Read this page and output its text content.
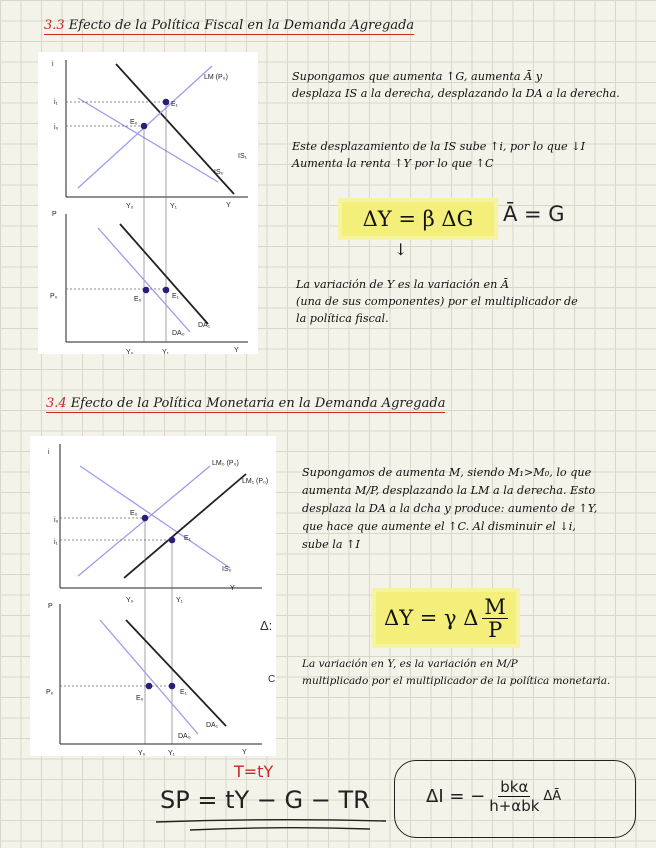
3.3 Efecto de la Política Fiscal en la Demanda Agregada
i
Y
LM (P₀)
IS₁
IS₀
i₁
i₀
Y₀	Y₁
E₁
E₀
P
Y
P₀	E₀	E₁
DA₀
DA₁
Y₀	Y₁

Supongamos que aumenta ↑G, aumenta Ā y

desplaza IS a la derecha, desplazando la DA a la derecha.

Este desplazamiento de la IS sube ↑i, por lo que ↓I

Aumenta la renta ↑Y por lo que ↑C

ΔY = β ΔG Ā = G
↓

La variación de Y es la variación en Ā

(una de sus componentes) por el multiplicador de

la política fiscal.

3.4 Efecto de la Política Monetaria en la Demanda Agregada
i
Y
IS₀
LM₀ (P₀)
LM₁ (P₀)
i₀
i₁
Y₀	Y₁
E₀
E₁
P
Y
P₀
E₀
E₁
DA₀
DA₁
Y₀	Y₁
Δ:
C

Supongamos de aumenta M, siendo M₁>M₀, lo que

aumenta M/P, desplazando la LM a la derecha. Esto

desplaza la DA a la dcha y produce: aumento de ↑Y,

que hace que aumente el ↑C. Al disminuir el ↓i,

sube la ↑I

ΔY = γ Δ $\frac{M}{P}$

La variación en Y, es la variación en M/P

multiplicado por el multiplicador de la política monetaria.

T=tY
SP = tY − G − TR	ΔI = − $\frac{\text{bkα}}{\text{h+αbk}}$ ΔĀ
